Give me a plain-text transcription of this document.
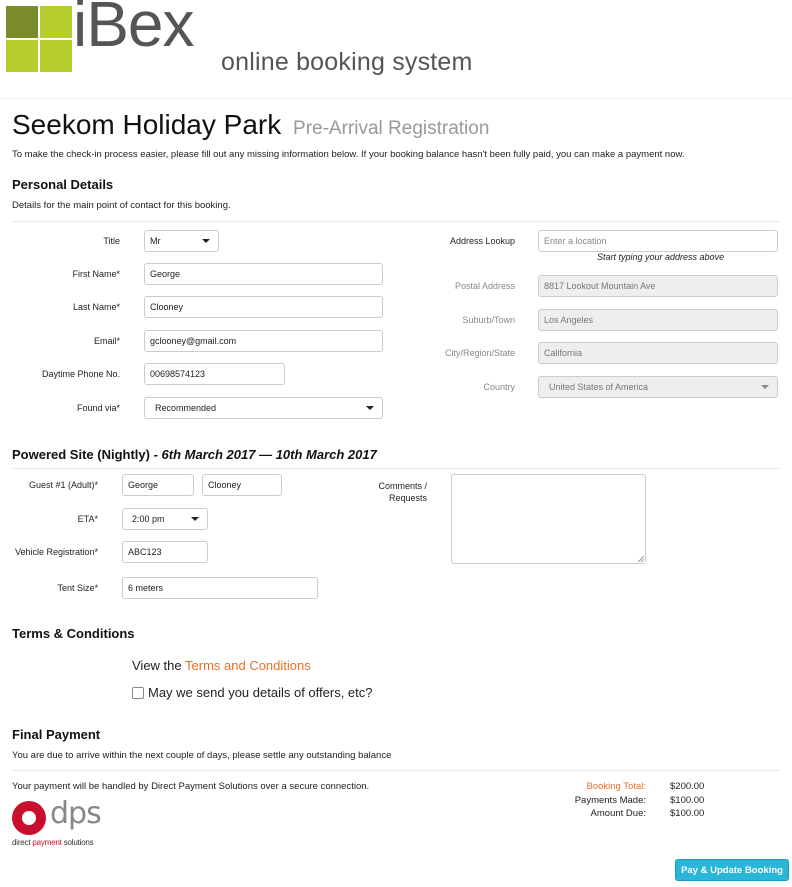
iBex
online booking system
Seekom Holiday Park Pre-Arrival Registration
To make the check-in process easier, please fill out any missing information below. If your booking balance hasn't been fully paid, you can make a payment now.
Personal Details
Details for the main point of contact for this booking.
Title	Mr
First Name*	George
Last Name*	Clooney
Email*	gclooney@gmail.com
Daytime Phone No.	00698574123
Found via*	Recommended
Address Lookup	Enter a location
Start typing your address above
Postal Address	8817 Lookout Mountain Ave
Suburb/Town	Los Angeles
City/Region/State	California
Country	United States of America
Powered Site (Nightly) - 6th March 2017 — 10th March 2017
Guest #1 (Adult)*	George	Clooney
ETA*	2:00 pm
Vehicle Registration*	ABC123
Tent Size*	6 meters
Comments /
Requests
Terms & Conditions
View the Terms and Conditions
May we send you details of offers, etc?
Final Payment
You are due to arrive within the next couple of days, please settle any outstanding balance
Your payment will be handled by Direct Payment Solutions over a secure connection.	Booking Total:	$200.00
Payments Made:	$100.00
Amount Due:	$100.00
dps
direct payment solutions
Pay & Update Booking
